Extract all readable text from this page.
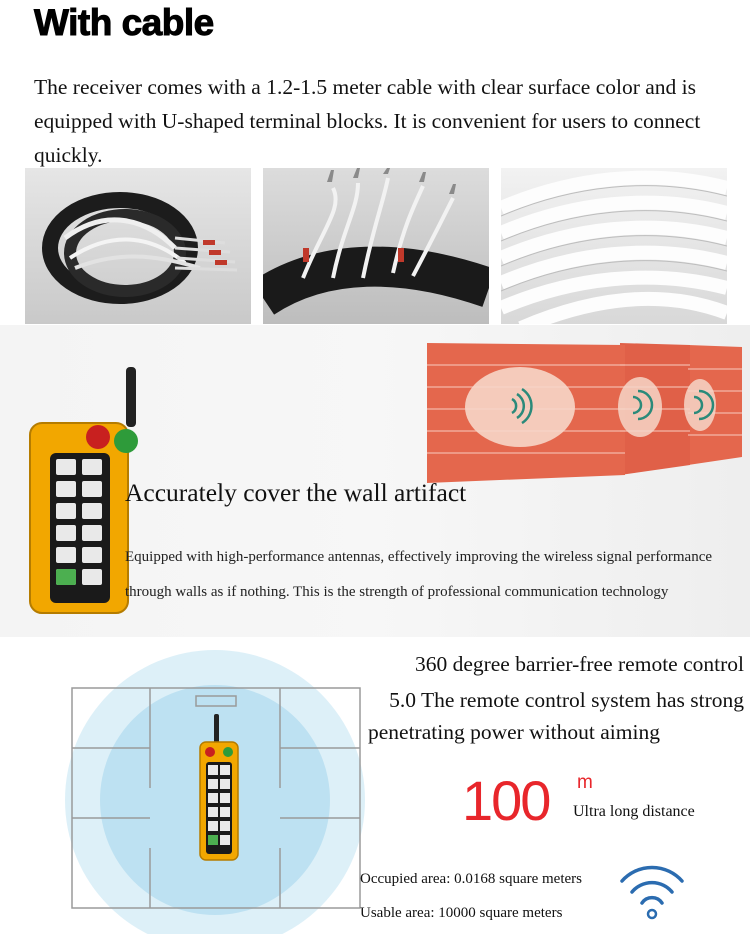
With cable
The receiver comes with a 1.2-1.5 meter cable with clear surface color and is equipped with U-shaped terminal blocks. It is convenient for users to connect quickly.
Accurately cover the wall artifact
Equipped with high-performance antennas, effectively improving the wireless signal performance through walls as if nothing. This is the strength of professional communication technology
360 degree barrier-free remote control
5.0 The remote control system has strong
penetrating power without aiming
100 m
Ultra long distance
Occupied area: 0.0168 square meters
Usable area: 10000 square meters
